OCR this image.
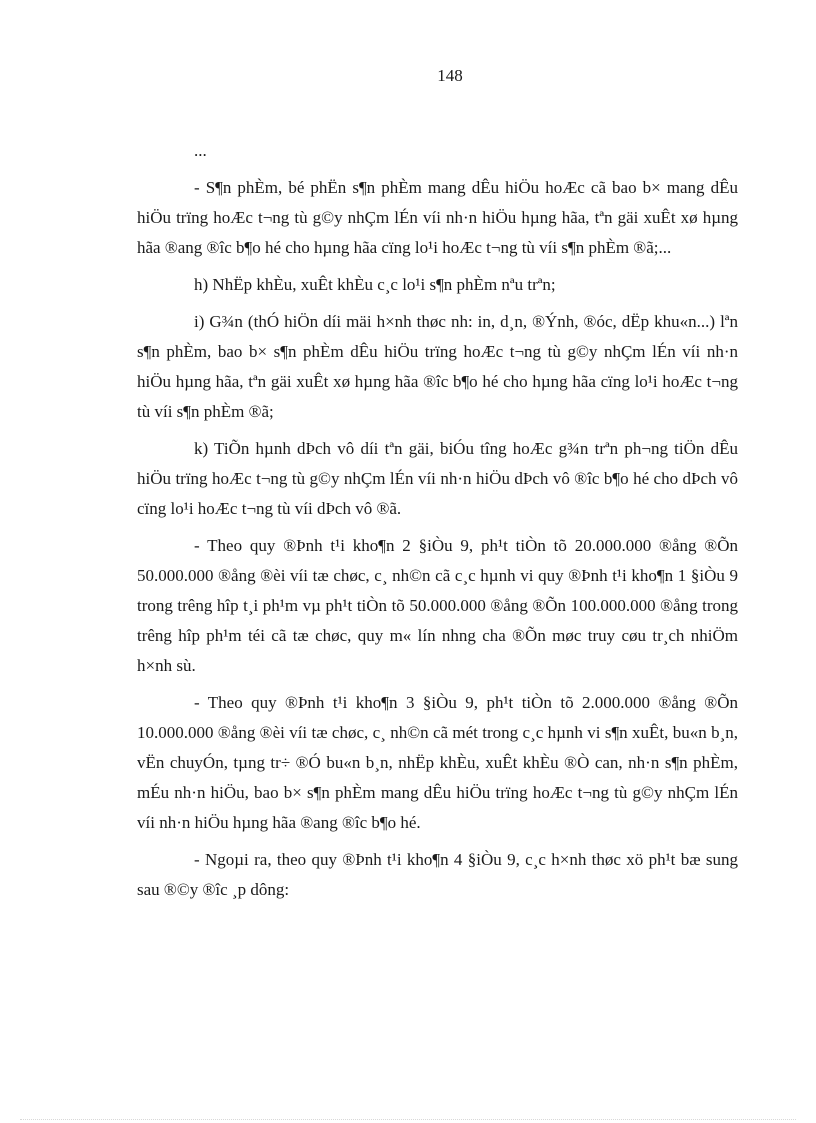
148

...

- S¶n phÈm, bé phËn s¶n phÈm mang dÊu hiÖu hoÆc cã bao b× mang dÊu hiÖu trïng hoÆc t¬ng tù g©y nhÇm lÉn víi nh·n hiÖu hµng hãa, tªn gäi xuÊt xø hµng hãa ®ang ®îc b¶o hé cho hµng hãa cïng lo¹i hoÆc t¬ng tù víi s¶n phÈm ®ã;...

h) NhËp khÈu, xuÊt khÈu c¸c lo¹i s¶n phÈm nªu trªn;

i) G¾n (thÓ hiÖn díi mäi h×nh thøc nh: in, d¸n, ®Ýnh, ®óc, dËp khu«n...) lªn s¶n phÈm, bao b× s¶n phÈm dÊu hiÖu trïng hoÆc t¬ng tù g©y nhÇm lÉn víi nh·n hiÖu hµng hãa, tªn gäi xuÊt xø hµng hãa ®îc b¶o hé cho hµng hãa cïng lo¹i hoÆc t¬ng tù víi s¶n phÈm ®ã;

k) TiÕn hµnh dÞch vô díi tªn gäi, biÓu tîng hoÆc g¾n trªn ph¬ng tiÖn dÊu hiÖu trïng hoÆc t¬ng tù g©y nhÇm lÉn víi nh·n hiÖu dÞch vô ®îc b¶o hé cho dÞch vô cïng lo¹i hoÆc t¬ng tù víi dÞch vô ®ã.

- Theo quy ®Þnh t¹i kho¶n 2 §iÒu 9, ph¹t tiÒn tõ 20.000.000 ®ång ®Õn 50.000.000 ®ång ®èi víi tæ chøc, c¸ nh©n cã c¸c hµnh vi quy ®Þnh t¹i kho¶n 1 §iÒu 9 trong trêng hîp t¸i ph¹m vµ ph¹t tiÒn tõ 50.000.000 ®ång ®Õn 100.000.000 ®ång trong trêng hîp ph¹m téi cã tæ chøc, quy m« lín nhng cha ®Õn møc truy cøu tr¸ch nhiÖm h×nh sù.

- Theo quy ®Þnh t¹i kho¶n 3 §iÒu 9, ph¹t tiÒn tõ 2.000.000 ®ång ®Õn 10.000.000 ®ång ®èi víi tæ chøc, c¸ nh©n cã mét trong c¸c hµnh vi s¶n xuÊt, bu«n b¸n, vËn chuyÓn, tµng tr÷ ®Ó bu«n b¸n, nhËp khÈu, xuÊt khÈu ®Ò can, nh·n s¶n phÈm, mÉu nh·n hiÖu, bao b× s¶n phÈm mang dÊu hiÖu trïng hoÆc t¬ng tù g©y nhÇm lÉn víi nh·n hiÖu hµng hãa ®ang ®îc b¶o hé.

- Ngoµi ra, theo quy ®Þnh t¹i kho¶n 4 §iÒu 9, c¸c h×nh thøc xö ph¹t bæ sung sau ®©y ®îc ¸p dông:
